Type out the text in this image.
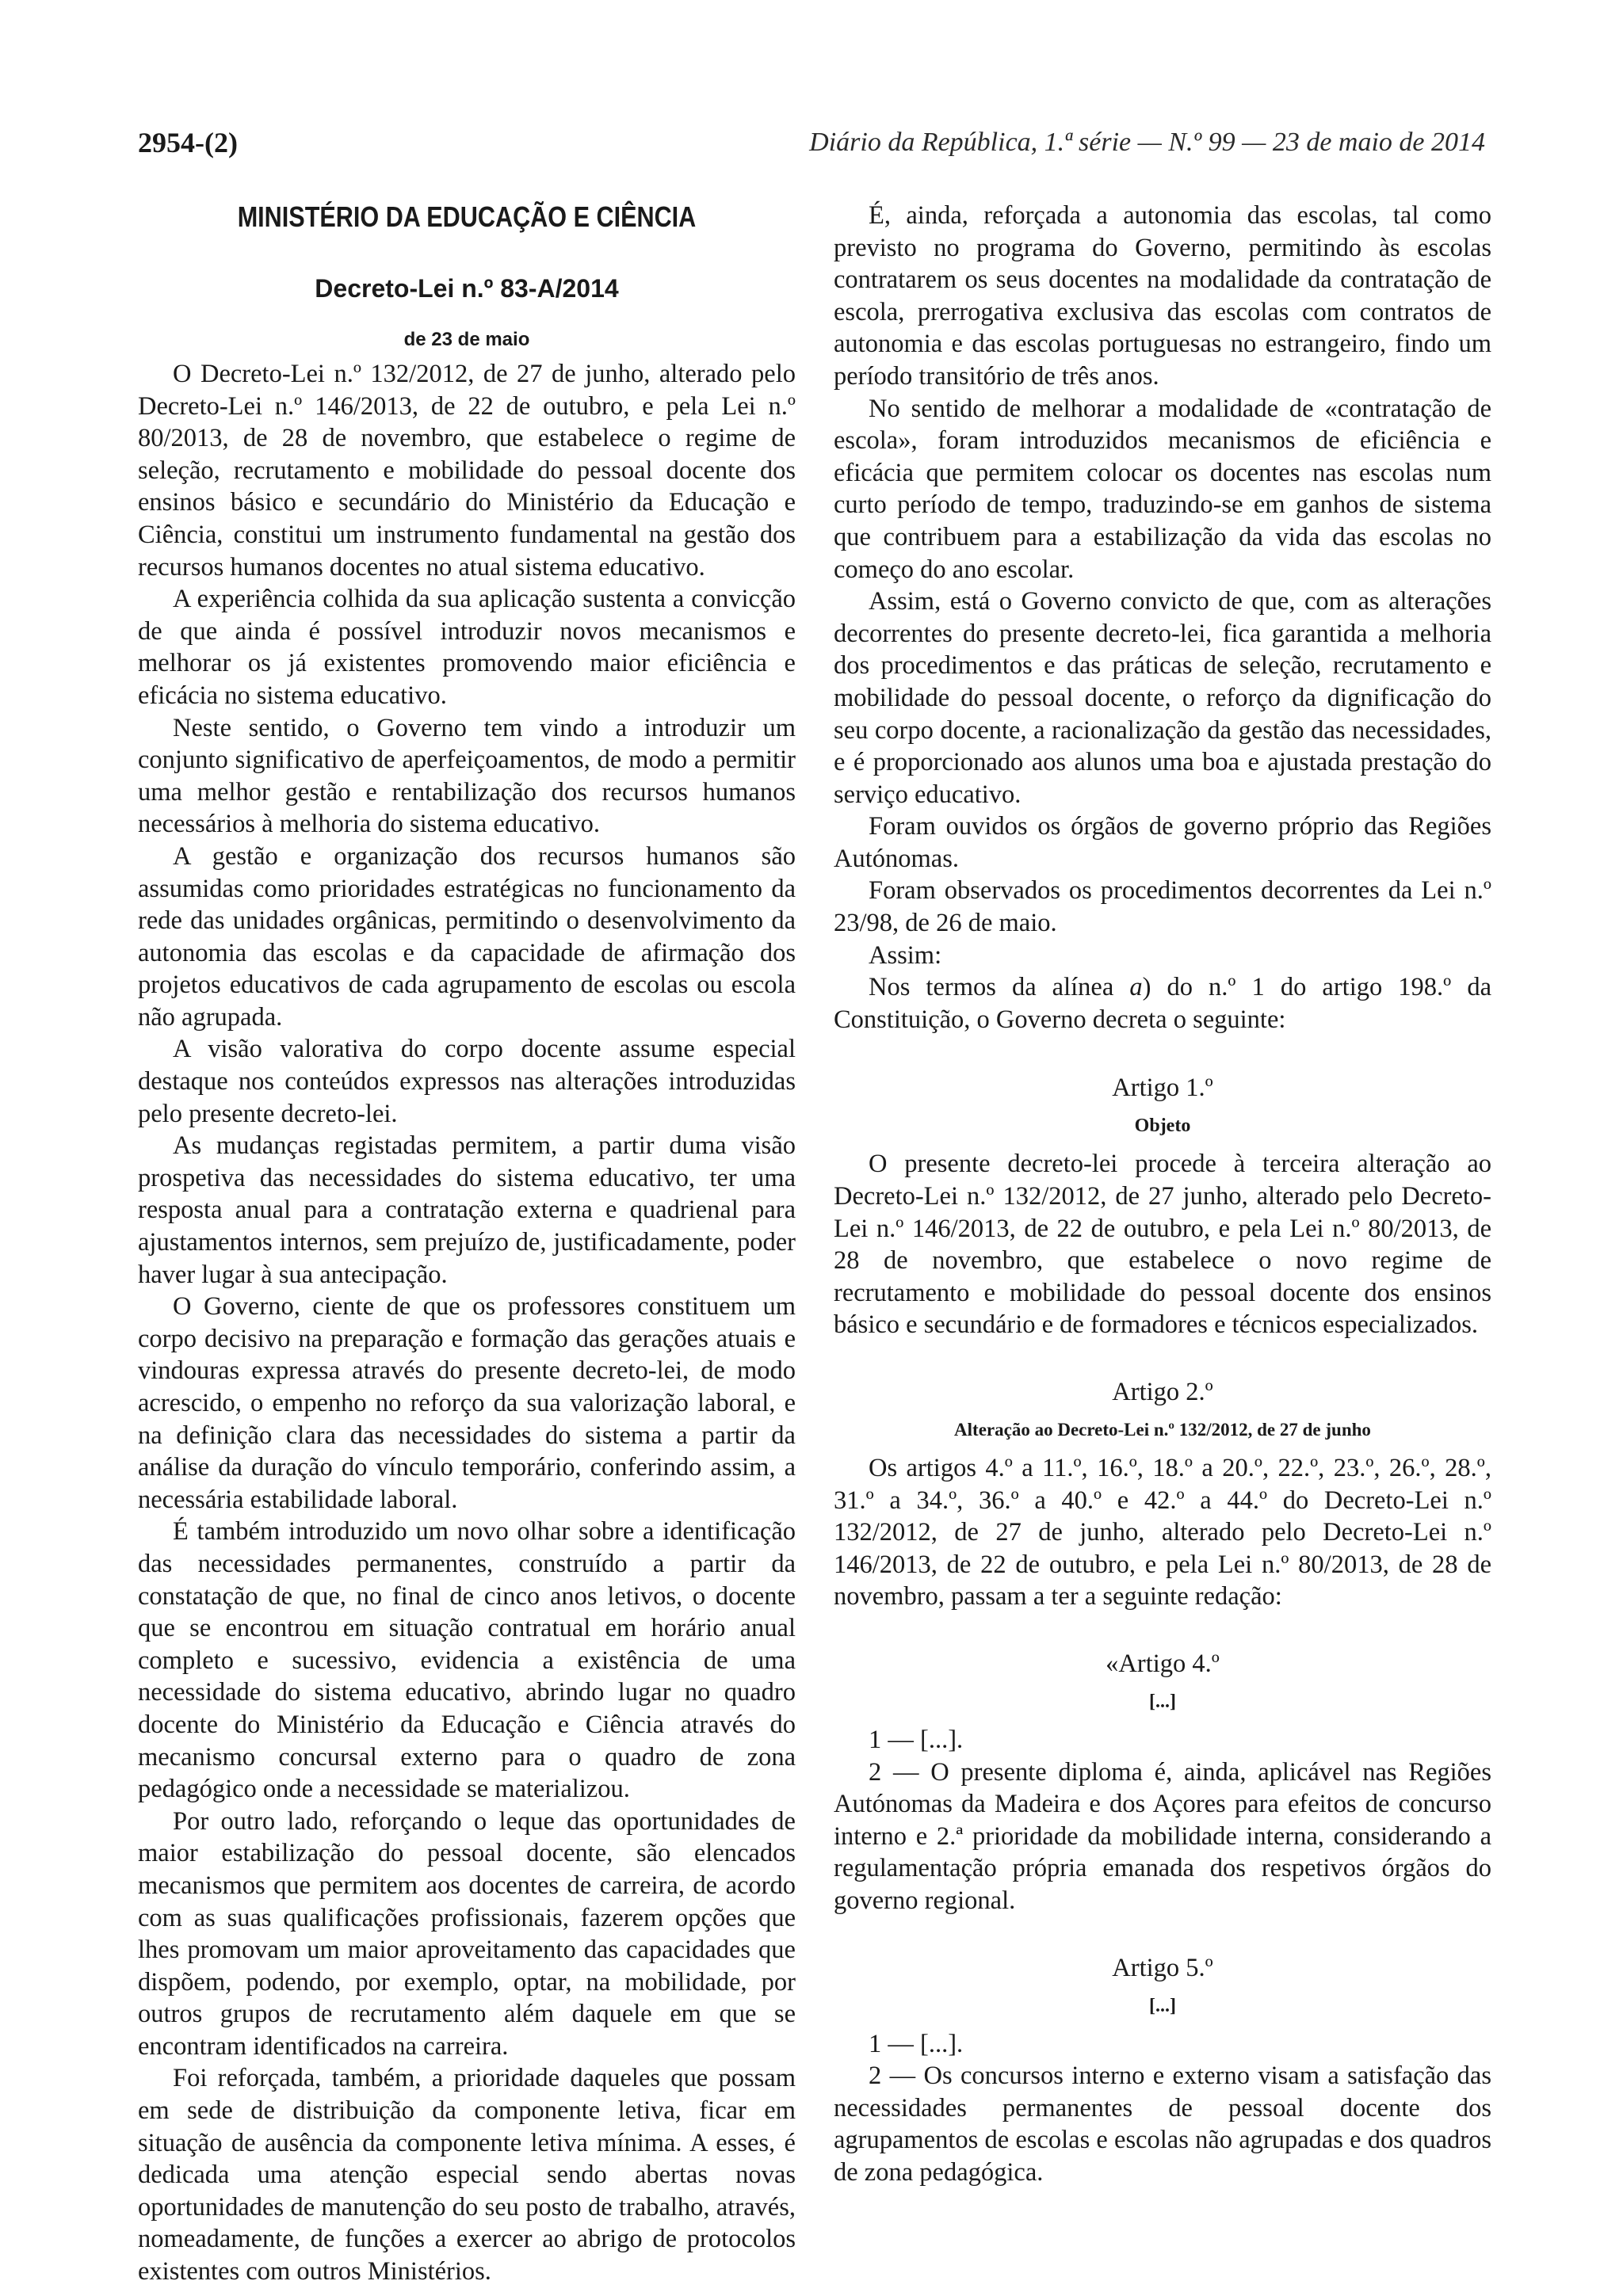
2954-(2)	Diário da República, 1.ª série — N.º 99 — 23 de maio de 2014
MINISTÉRIO DA EDUCAÇÃO E CIÊNCIA
Decreto-Lei n.º 83-A/2014
de 23 de maio

O Decreto-Lei n.º 132/2012, de 27 de junho, alterado pelo Decreto-Lei n.º 146/2013, de 22 de outubro, e pela Lei n.º 80/2013, de 28 de novembro, que estabelece o regime de seleção, recrutamento e mobilidade do pessoal docente dos ensinos básico e secundário do Ministério da Educação e Ciência, constitui um instrumento fundamental na gestão dos recursos humanos docentes no atual sistema educativo.

A experiência colhida da sua aplicação sustenta a convicção de que ainda é possível introduzir novos mecanismos e melhorar os já existentes promovendo maior eficiência e eficácia no sistema educativo.

Neste sentido, o Governo tem vindo a introduzir um conjunto significativo de aperfeiçoamentos, de modo a permitir uma melhor gestão e rentabilização dos recursos humanos necessários à melhoria do sistema educativo.

A gestão e organização dos recursos humanos são assumidas como prioridades estratégicas no funcionamento da rede das unidades orgânicas, permitindo o desenvolvimento da autonomia das escolas e da capacidade de afirmação dos projetos educativos de cada agrupamento de escolas ou escola não agrupada.

A visão valorativa do corpo docente assume especial destaque nos conteúdos expressos nas alterações introduzidas pelo presente decreto-lei.

As mudanças registadas permitem, a partir duma visão prospetiva das necessidades do sistema educativo, ter uma resposta anual para a contratação externa e quadrienal para ajustamentos internos, sem prejuízo de, justificadamente, poder haver lugar à sua antecipação.

O Governo, ciente de que os professores constituem um corpo decisivo na preparação e formação das gerações atuais e vindouras expressa através do presente decreto-lei, de modo acrescido, o empenho no reforço da sua valorização laboral, e na definição clara das necessidades do sistema a partir da análise da duração do vínculo temporário, conferindo assim, a necessária estabilidade laboral.

É também introduzido um novo olhar sobre a identificação das necessidades permanentes, construído a partir da constatação de que, no final de cinco anos letivos, o docente que se encontrou em situação contratual em horário anual completo e sucessivo, evidencia a existência de uma necessidade do sistema educativo, abrindo lugar no quadro docente do Ministério da Educação e Ciência através do mecanismo concursal externo para o quadro de zona pedagógico onde a necessidade se materializou.

Por outro lado, reforçando o leque das oportunidades de maior estabilização do pessoal docente, são elencados mecanismos que permitem aos docentes de carreira, de acordo com as suas qualificações profissionais, fazerem opções que lhes promovam um maior aproveitamento das capacidades que dispõem, podendo, por exemplo, optar, na mobilidade, por outros grupos de recrutamento além daquele em que se encontram identificados na carreira.

Foi reforçada, também, a prioridade daqueles que possam em sede de distribuição da componente letiva, ficar em situação de ausência da componente letiva mínima. A esses, é dedicada uma atenção especial sendo abertas novas oportunidades de manutenção do seu posto de trabalho, através, nomeadamente, de funções a exercer ao abrigo de protocolos existentes com outros Ministérios.

É, ainda, reforçada a autonomia das escolas, tal como previsto no programa do Governo, permitindo às escolas contratarem os seus docentes na modalidade da contratação de escola, prerrogativa exclusiva das escolas com contratos de autonomia e das escolas portuguesas no estrangeiro, findo um período transitório de três anos.

No sentido de melhorar a modalidade de «contratação de escola», foram introduzidos mecanismos de eficiência e eficácia que permitem colocar os docentes nas escolas num curto período de tempo, traduzindo-se em ganhos de sistema que contribuem para a estabilização da vida das escolas no começo do ano escolar.

Assim, está o Governo convicto de que, com as alterações decorrentes do presente decreto-lei, fica garantida a melhoria dos procedimentos e das práticas de seleção, recrutamento e mobilidade do pessoal docente, o reforço da dignificação do seu corpo docente, a racionalização da gestão das necessidades, e é proporcionado aos alunos uma boa e ajustada prestação do serviço educativo.

Foram ouvidos os órgãos de governo próprio das Regiões Autónomas.

Foram observados os procedimentos decorrentes da Lei n.º 23/98, de 26 de maio.

Assim:

Nos termos da alínea a) do n.º 1 do artigo 198.º da Constituição, o Governo decreta o seguinte:

Artigo 1.º
Objeto

O presente decreto-lei procede à terceira alteração ao Decreto-Lei n.º 132/2012, de 27 junho, alterado pelo Decreto-Lei n.º 146/2013, de 22 de outubro, e pela Lei n.º 80/2013, de 28 de novembro, que estabelece o novo regime de recrutamento e mobilidade do pessoal docente dos ensinos básico e secundário e de formadores e técnicos especializados.

Artigo 2.º
Alteração ao Decreto-Lei n.º 132/2012, de 27 de junho

Os artigos 4.º a 11.º, 16.º, 18.º a 20.º, 22.º, 23.º, 26.º, 28.º, 31.º a 34.º, 36.º a 40.º e 42.º a 44.º do Decreto-Lei n.º 132/2012, de 27 de junho, alterado pelo Decreto-Lei n.º 146/2013, de 22 de outubro, e pela Lei n.º 80/2013, de 28 de novembro, passam a ter a seguinte redação:

«Artigo 4.º
[...]

1 — [...].

2 — O presente diploma é, ainda, aplicável nas Regiões Autónomas da Madeira e dos Açores para efeitos de concurso interno e 2.ª prioridade da mobilidade interna, considerando a regulamentação própria emanada dos respetivos órgãos do governo regional.

Artigo 5.º
[...]

1 — [...].

2 — Os concursos interno e externo visam a satisfação das necessidades permanentes de pessoal docente dos agrupamentos de escolas e escolas não agrupadas e dos quadros de zona pedagógica.
